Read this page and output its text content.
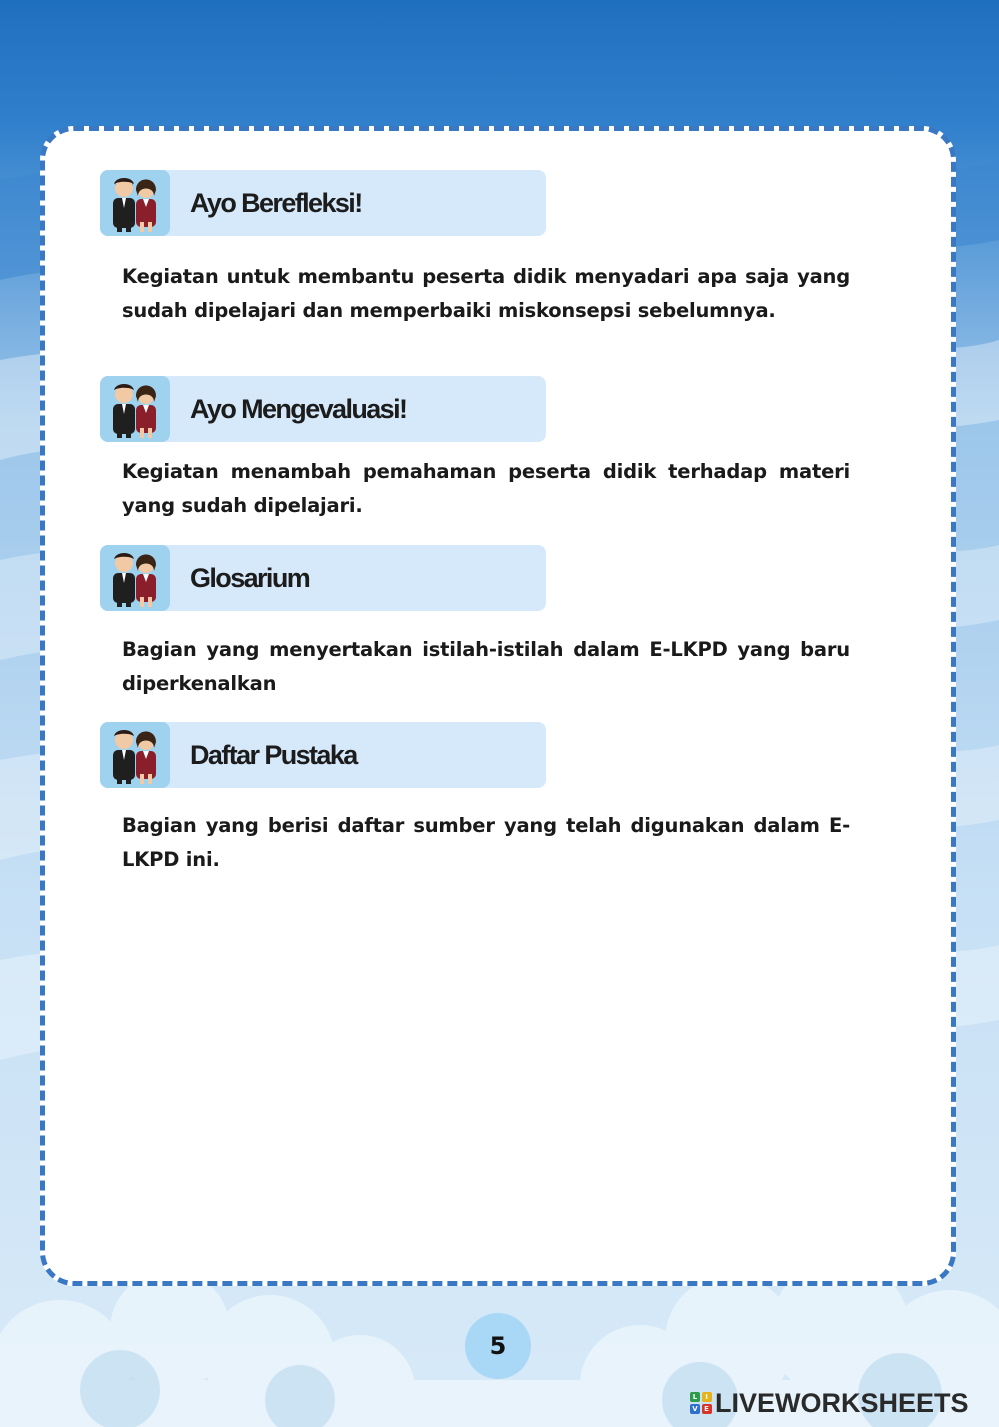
Ayo Berefleksi!
Kegiatan untuk membantu peserta didik menyadari apa saja yang sudah dipelajari dan memperbaiki miskonsepsi sebelumnya.
Ayo Mengevaluasi!
Kegiatan menambah pemahaman peserta didik terhadap materi yang sudah dipelajari.
Glosarium
Bagian yang menyertakan istilah-istilah dalam E-LKPD yang baru diperkenalkan
Daftar Pustaka
Bagian yang berisi daftar sumber yang telah digunakan dalam E-LKPD ini.
5
L	I
V E LIVEWORKSHEETS
